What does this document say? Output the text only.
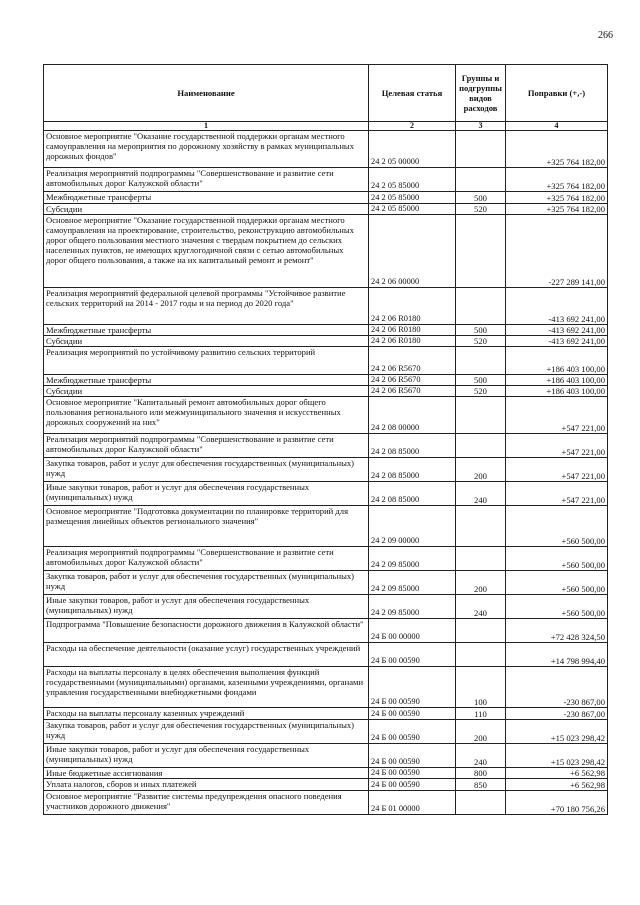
266
Наименование	Целевая статья	Группы и подгруппы видов расходов	Поправки (+,-)
1	2	3	4
Основное мероприятие "Оказание государственной поддержки органам местного самоуправления на мероприятия по дорожному хозяйству в рамках муниципальных дорожных фондов"	24 2 05 00000		+325 764 182,00
Реализация мероприятий подпрограммы "Совершенствование и развитие сети автомобильных дорог Калужской области"	24 2 05 85000		+325 764 182,00
Межбюджетные трансферты	24 2 05 85000	500	+325 764 182,00
Субсидии	24 2 05 85000	520	+325 764 182,00
Основное мероприятие "Оказание государственной поддержки органам местного самоуправления на проектирование, строительство, реконструкцию автомобильных дорог общего пользования местного значения с твердым покрытием до сельских населенных пунктов, не имеющих круглогодичной связи с сетью автомобильных дорог общего пользования, а также на их капитальный ремонт и ремонт"	24 2 06 00000		-227 289 141,00
Реализация мероприятий федеральной целевой программы "Устойчивое развитие сельских территорий на 2014 - 2017 годы и на период до 2020 года"	24 2 06 R0180		-413 692 241,00
Межбюджетные трансферты	24 2 06 R0180	500	-413 692 241,00
Субсидии	24 2 06 R0180	520	-413 692 241,00
Реализация мероприятий по устойчивому развитию сельских территорий	24 2 06 R5670		+186 403 100,00
Межбюджетные трансферты	24 2 06 R5670	500	+186 403 100,00
Субсидии	24 2 06 R5670	520	+186 403 100,00
Основное мероприятие "Капитальный ремонт автомобильных дорог общего пользования регионального или межмуниципального значения и искусственных дорожных сооружений на них"	24 2 08 00000		+547 221,00
Реализация мероприятий подпрограммы "Совершенствование и развитие сети автомобильных дорог Калужской области"	24 2 08 85000		+547 221,00
Закупка товаров, работ и услуг для обеспечения государственных (муниципальных) нужд	24 2 08 85000	200	+547 221,00
Иные закупки товаров, работ и услуг для обеспечения государственных (муниципальных) нужд	24 2 08 85000	240	+547 221,00
Основное мероприятие "Подготовка документации по планировке территорий для размещения линейных объектов регионального значения"	24 2 09 00000		+560 500,00
Реализация мероприятий подпрограммы "Совершенствование и развитие сети автомобильных дорог Калужской области"	24 2 09 85000		+560 500,00
Закупка товаров, работ и услуг для обеспечения государственных (муниципальных) нужд	24 2 09 85000	200	+560 500,00
Иные закупки товаров, работ и услуг для обеспечения государственных (муниципальных) нужд	24 2 09 85000	240	+560 500,00
Подпрограмма "Повышение безопасности дорожного движения в Калужской области"	24 Б 00 00000		+72 428 324,50
Расходы на обеспечение деятельности (оказание услуг) государственных учреждений	24 Б 00 00590		+14 798 994,40
Расходы на выплаты персоналу в целях обеспечения выполнения функций государственными (муниципальными) органами, казенными учреждениями, органами управления государственными внебюджетными фондами	24 Б 00 00590	100	-230 867,00
Расходы на выплаты персоналу казенных учреждений	24 Б 00 00590	110	-230 867,00
Закупка товаров, работ и услуг для обеспечения государственных (муниципальных) нужд	24 Б 00 00590	200	+15 023 298,42
Иные закупки товаров, работ и услуг для обеспечения государственных (муниципальных) нужд	24 Б 00 00590	240	+15 023 298,42
Иные бюджетные ассигнования	24 Б 00 00590	800	+6 562,98
Уплата налогов, сборов и иных платежей	24 Б 00 00590	850	+6 562,98
Основное мероприятие "Развитие системы предупреждения опасного поведения участников дорожного движения"	24 Б 01 00000		+70 180 756,26
